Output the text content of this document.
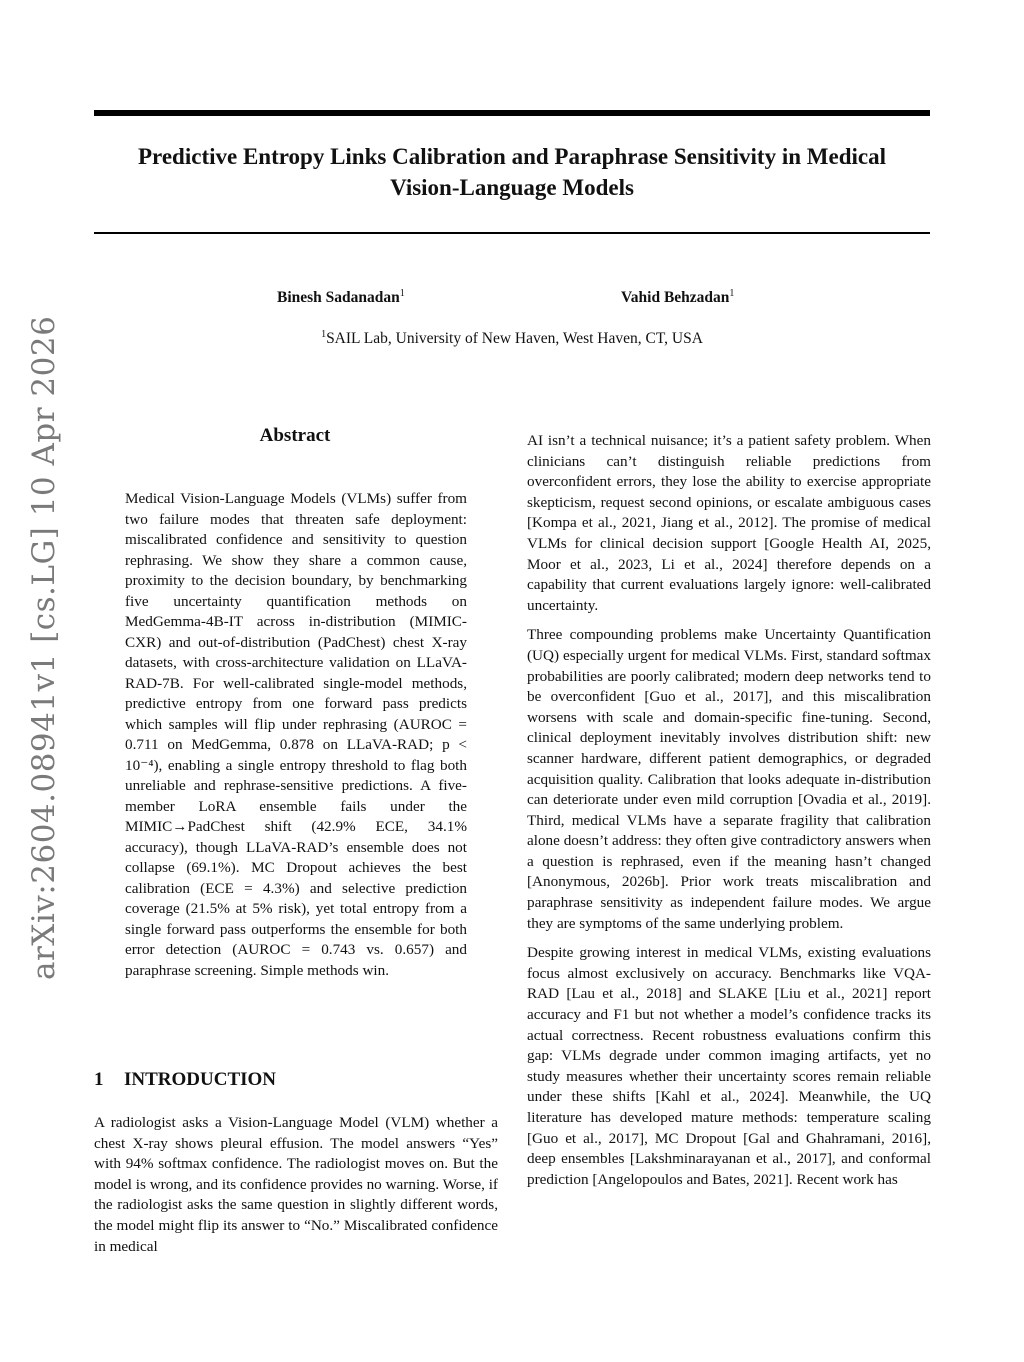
Predictive Entropy Links Calibration and Paraphrase Sensitivity in Medical
Vision-Language Models
Binesh Sadanadan$^1$	Vahid Behzadan$^1$
$^1$SAIL Lab, University of New Haven, West Haven, CT, USA
arXiv:2604.08941v1 [cs.LG] 10 Apr 2026	Abstract

Medical Vision-Language Models (VLMs) suffer from two failure modes that threaten safe deployment: miscalibrated confidence and sensitivity to question rephrasing. We show they share a common cause, proximity to the decision boundary, by benchmarking five uncertainty quantification methods on MedGemma-4B-IT across in-distribution (MIMIC-CXR) and out-of-distribution (PadChest) chest X-ray datasets, with cross-architecture validation on LLaVA-RAD-7B. For well-calibrated single-model methods, predictive entropy from one forward pass predicts which samples will flip under rephrasing (AUROC = 0.711 on MedGemma, 0.878 on LLaVA-RAD; p < 10⁻⁴), enabling a single entropy threshold to flag both unreliable and rephrase-sensitive predictions. A five-member LoRA ensemble fails under the MIMIC→PadChest shift (42.9% ECE, 34.1% accuracy), though LLaVA-RAD’s ensemble does not collapse (69.1%). MC Dropout achieves the best calibration (ECE = 4.3%) and selective prediction coverage (21.5% at 5% risk), yet total entropy from a single forward pass outperforms the ensemble for both error detection (AUROC = 0.743 vs. 0.657) and paraphrase screening. Simple methods win.

1 INTRODUCTION

A radiologist asks a Vision-Language Model (VLM) whether a chest X-ray shows pleural effusion. The model answers “Yes” with 94% softmax confidence. The radiologist moves on. But the model is wrong, and its confidence provides no warning. Worse, if the radiologist asks the same question in slightly different words, the model might flip its answer to “No.” Miscalibrated confidence in medical

AI isn’t a technical nuisance; it’s a patient safety problem. When clinicians can’t distinguish reliable predictions from overconfident errors, they lose the ability to exercise appropriate skepticism, request second opinions, or escalate ambiguous cases [Kompa et al., 2021, Jiang et al., 2012]. The promise of medical VLMs for clinical decision support [Google Health AI, 2025, Moor et al., 2023, Li et al., 2024] therefore depends on a capability that current evaluations largely ignore: well-calibrated uncertainty.

Three compounding problems make Uncertainty Quantification (UQ) especially urgent for medical VLMs. First, standard softmax probabilities are poorly calibrated; modern deep networks tend to be overconfident [Guo et al., 2017], and this miscalibration worsens with scale and domain-specific fine-tuning. Second, clinical deployment inevitably involves distribution shift: new scanner hardware, different patient demographics, or degraded acquisition quality. Calibration that looks adequate in-distribution can deteriorate under even mild corruption [Ovadia et al., 2019]. Third, medical VLMs have a separate fragility that calibration alone doesn’t address: they often give contradictory answers when a question is rephrased, even if the meaning hasn’t changed [Anonymous, 2026b]. Prior work treats miscalibration and paraphrase sensitivity as independent failure modes. We argue they are symptoms of the same underlying problem.

Despite growing interest in medical VLMs, existing evaluations focus almost exclusively on accuracy. Benchmarks like VQA-RAD [Lau et al., 2018] and SLAKE [Liu et al., 2021] report accuracy and F1 but not whether a model’s confidence tracks its actual correctness. Recent robustness evaluations confirm this gap: VLMs degrade under common imaging artifacts, yet no study measures whether their uncertainty scores remain reliable under these shifts [Kahl et al., 2024]. Meanwhile, the UQ literature has developed mature methods: temperature scaling [Guo et al., 2017], MC Dropout [Gal and Ghahramani, 2016], deep ensembles [Lakshminarayanan et al., 2017], and conformal prediction [Angelopoulos and Bates, 2021]. Recent work has
